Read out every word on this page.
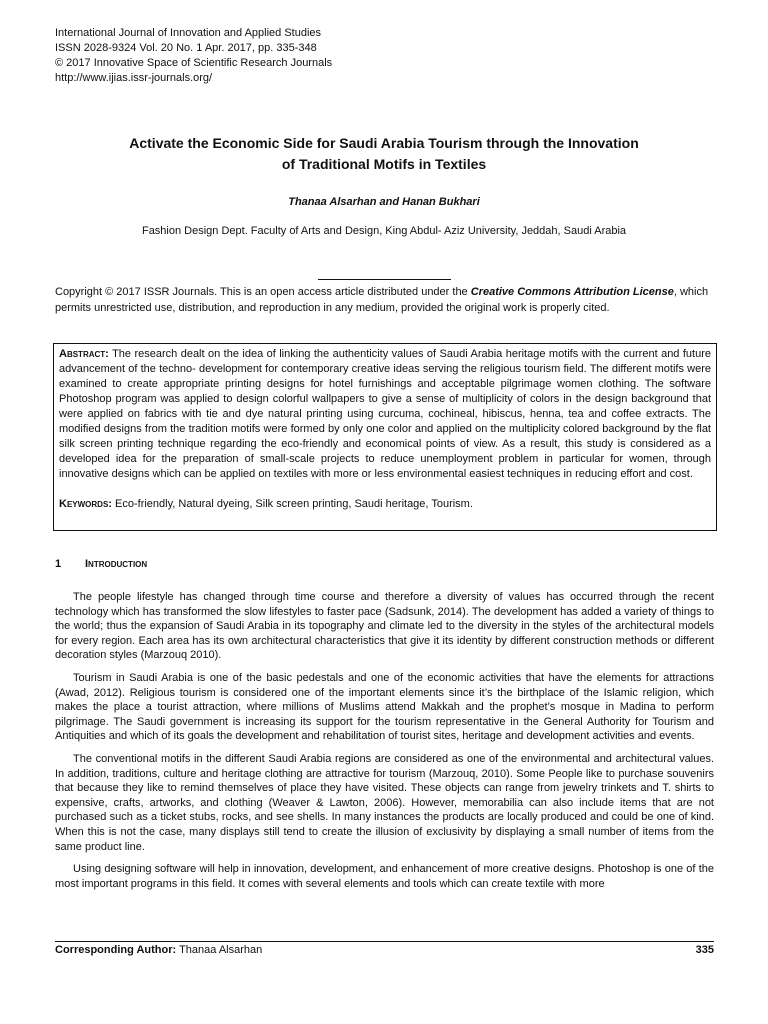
International Journal of Innovation and Applied Studies
ISSN 2028-9324 Vol. 20 No. 1 Apr. 2017, pp. 335-348
© 2017 Innovative Space of Scientific Research Journals
http://www.ijias.issr-journals.org/
Activate the Economic Side for Saudi Arabia Tourism through the Innovation
of Traditional Motifs in Textiles
Thanaa Alsarhan and Hanan Bukhari
Fashion Design Dept. Faculty of Arts and Design, King Abdul- Aziz University, Jeddah, Saudi Arabia
Copyright © 2017 ISSR Journals. This is an open access article distributed under the Creative Commons Attribution License, which permits unrestricted use, distribution, and reproduction in any medium, provided the original work is properly cited.

Abstract: The research dealt on the idea of linking the authenticity values of Saudi Arabia heritage motifs with the current and future advancement of the techno- development for contemporary creative ideas serving the religious tourism field. The different motifs were examined to create appropriate printing designs for hotel furnishings and acceptable pilgrimage women clothing. The software Photoshop program was applied to design colorful wallpapers to give a sense of multiplicity of colors in the design background that were applied on fabrics with tie and dye natural printing using curcuma, cochineal, hibiscus, henna, tea and coffee extracts. The modified designs from the tradition motifs were formed by only one color and applied on the multiplicity colored background by the flat silk screen printing technique regarding the eco-friendly and economical points of view. As a result, this study is considered as a developed idea for the preparation of small-scale projects to reduce unemployment problem in particular for women, through innovative designs which can be applied on textiles with more or less environmental easiest techniques in reducing effort and cost.

Keywords: Eco-friendly, Natural dyeing, Silk screen printing, Saudi heritage, Tourism.

1 Introduction

The people lifestyle has changed through time course and therefore a diversity of values has occurred through the recent technology which has transformed the slow lifestyles to faster pace (Sadsunk, 2014). The development has added a variety of things to the world; thus the expansion of Saudi Arabia in its topography and climate led to the diversity in the styles of the architectural models for every region. Each area has its own architectural characteristics that give it its identity by different construction methods or different decoration styles (Marzouq 2010).

Tourism in Saudi Arabia is one of the basic pedestals and one of the economic activities that have the elements for attractions (Awad, 2012). Religious tourism is considered one of the important elements since it’s the birthplace of the Islamic religion, which makes the place a tourist attraction, where millions of Muslims attend Makkah and the prophet’s mosque in Madina to perform pilgrimage. The Saudi government is increasing its support for the tourism representative in the General Authority for Tourism and Antiquities and which of its goals the development and rehabilitation of tourist sites, heritage and development activities and events.

The conventional motifs in the different Saudi Arabia regions are considered as one of the environmental and architectural values. In addition, traditions, culture and heritage clothing are attractive for tourism (Marzouq, 2010). Some People like to purchase souvenirs that because they like to remind themselves of place they have visited. These objects can range from jewelry trinkets and T. shirts to expensive, crafts, artworks, and clothing (Weaver & Lawton, 2006). However, memorabilia can also include items that are not purchased such as a ticket stubs, rocks, and see shells. In many instances the products are locally produced and could be one of kind. When this is not the case, many displays still tend to create the illusion of exclusivity by displaying a small number of items from the same product line.

Using designing software will help in innovation, development, and enhancement of more creative designs. Photoshop is one of the most important programs in this field. It comes with several elements and tools which can create textile with more

Corresponding Author: Thanaa Alsarhan	335
